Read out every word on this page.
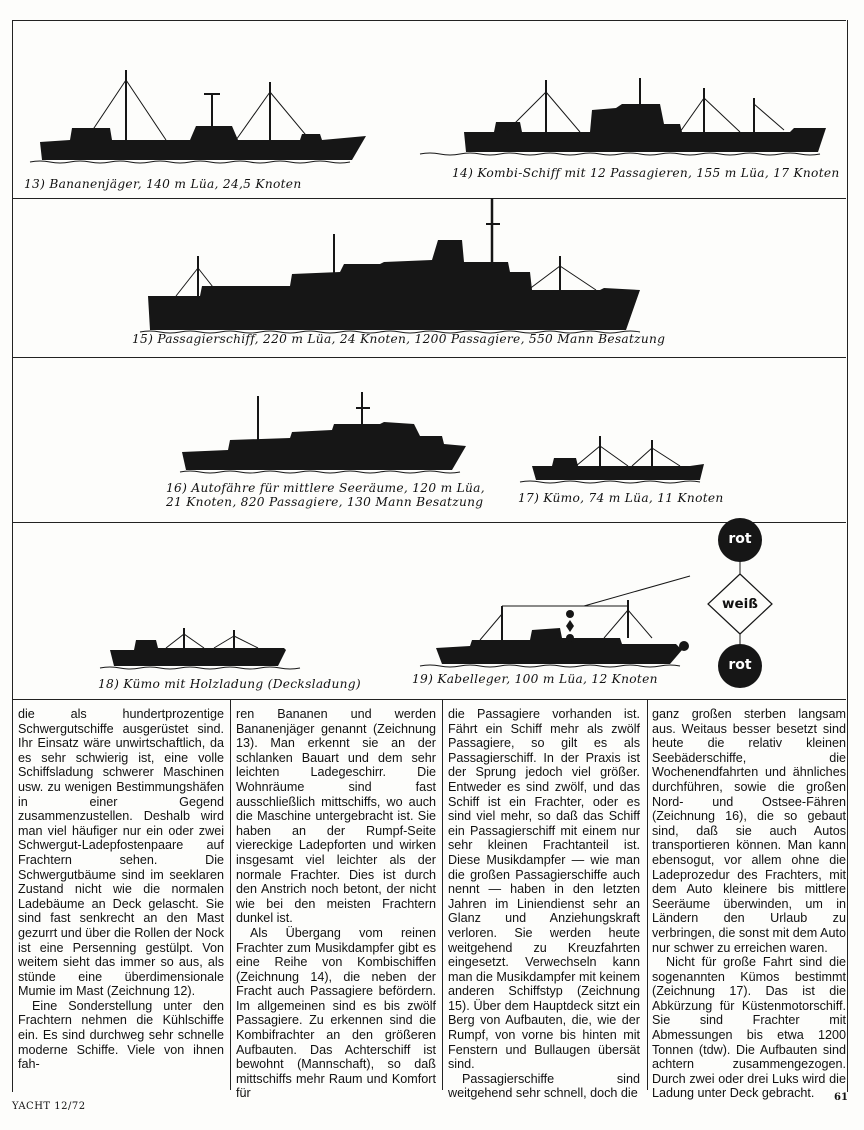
rot
weiß
rot
13) Bananenjäger, 140 m Lüa, 24,5 Knoten
14) Kombi-Schiff mit 12 Passagieren, 155 m Lüa, 17 Knoten
15) Passagierschiff, 220 m Lüa, 24 Knoten, 1200 Passagiere, 550 Mann Besatzung
16) Autofähre für mittlere Seeräume, 120 m Lüa,
21 Knoten, 820 Passagiere, 130 Mann Besatzung	17) Kümo, 74 m Lüa, 11 Knoten
18) Kümo mit Holzladung (Decksladung)	19) Kabelleger, 100 m Lüa, 12 Knoten

die als hundertprozentige Schwergutschiffe ausgerüstet sind. Ihr Einsatz wäre unwirtschaftlich, da es sehr schwierig ist, eine volle Schiffsladung schwerer Maschinen usw. zu wenigen Bestimmungshäfen in einer Gegend zusammenzustellen. Deshalb wird man viel häufiger nur ein oder zwei Schwergut-Ladepfostenpaare auf Frachtern sehen. Die Schwergutbäume sind im seeklaren Zustand nicht wie die normalen Ladebäume an Deck gelascht. Sie sind fast senkrecht an den Mast gezurrt und über die Rollen der Nock ist eine Persenning gestülpt. Von weitem sieht das immer so aus, als stünde eine überdimensionale Mumie im Mast (Zeichnung 12).

Eine Sonderstellung unter den Frachtern nehmen die Kühlschiffe ein. Es sind durchweg sehr schnelle moderne Schiffe. Viele von ihnen fah-

ren Bananen und werden Bananenjäger genannt (Zeichnung 13). Man erkennt sie an der schlanken Bauart und dem sehr leichten Ladegeschirr. Die Wohnräume sind fast ausschließlich mittschiffs, wo auch die Maschine untergebracht ist. Sie haben an der Rumpf-Seite viereckige Ladepforten und wirken insgesamt viel leichter als der normale Frachter. Dies ist durch den Anstrich noch betont, der nicht wie bei den meisten Frachtern dunkel ist.

Als Übergang vom reinen Frachter zum Musikdampfer gibt es eine Reihe von Kombischiffen (Zeichnung 14), die neben der Fracht auch Passagiere befördern. Im allgemeinen sind es bis zwölf Passagiere. Zu erkennen sind die Kombifrachter an den größeren Aufbauten. Das Achterschiff ist bewohnt (Mannschaft), so daß mittschiffs mehr Raum und Komfort für

die Passagiere vorhanden ist. Fährt ein Schiff mehr als zwölf Passagiere, so gilt es als Passagierschiff. In der Praxis ist der Sprung jedoch viel größer. Entweder es sind zwölf, und das Schiff ist ein Frachter, oder es sind viel mehr, so daß das Schiff ein Passagierschiff mit einem nur sehr kleinen Frachtanteil ist. Diese Musikdampfer — wie man die großen Passagierschiffe auch nennt — haben in den letzten Jahren im Liniendienst sehr an Glanz und Anziehungskraft verloren. Sie werden heute weitgehend zu Kreuzfahrten eingesetzt. Verwechseln kann man die Musikdampfer mit keinem anderen Schiffstyp (Zeichnung 15). Über dem Hauptdeck sitzt ein Berg von Aufbauten, die, wie der Rumpf, von vorne bis hinten mit Fenstern und Bullaugen übersät sind.

Passagierschiffe sind weitgehend sehr schnell, doch die

ganz großen sterben langsam aus. Weitaus besser besetzt sind heute die relativ kleinen Seebäderschiffe, die Wochenendfahrten und ähnliches durchführen, sowie die großen Nord- und Ostsee-Fähren (Zeichnung 16), die so gebaut sind, daß sie auch Autos transportieren können. Man kann ebensogut, vor allem ohne die Ladeprozedur des Frachters, mit dem Auto kleinere bis mittlere Seeräume überwinden, um in Ländern den Urlaub zu verbringen, die sonst mit dem Auto nur schwer zu erreichen waren.

Nicht für große Fahrt sind die sogenannten Kümos bestimmt (Zeichnung 17). Das ist die Abkürzung für Küstenmotorschiff. Sie sind Frachter mit Abmessungen bis etwa 1200 Tonnen (tdw). Die Aufbauten sind achtern zusammengezogen. Durch zwei oder drei Luks wird die Ladung unter Deck gebracht.

YACHT 12/72
61
